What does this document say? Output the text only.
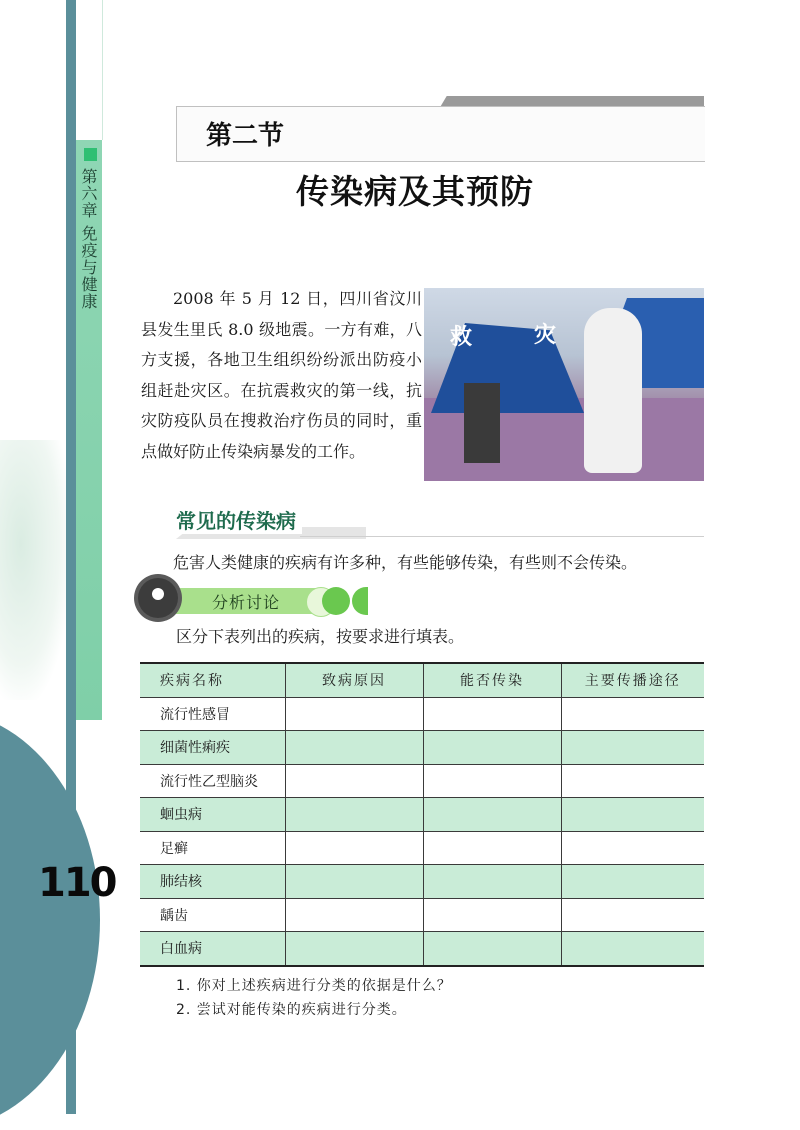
第六章免疫与健康
110
第二节
传染病及其预防
2008 年 5 月 12 日，四川省汶川县发生里氏 8.0 级地震。一方有难，八方支援，各地卫生组织纷纷派出防疫小组赶赴灾区。在抗震救灾的第一线，抗灾防疫队员在搜救治疗伤员的同时，重点做好防止传染病暴发的工作。
救	灾
常见的传染病
危害人类健康的疾病有许多种，有些能够传染，有些则不会传染。
分析讨论
区分下表列出的疾病，按要求进行填表。
疾病名称	致病原因	能否传染	主要传播途径
流行性感冒			
细菌性痢疾			
流行性乙型脑炎			
蛔虫病			
足癣			
肺结核			
龋齿			
白血病			
1. 你对上述疾病进行分类的依据是什么？
2. 尝试对能传染的疾病进行分类。
